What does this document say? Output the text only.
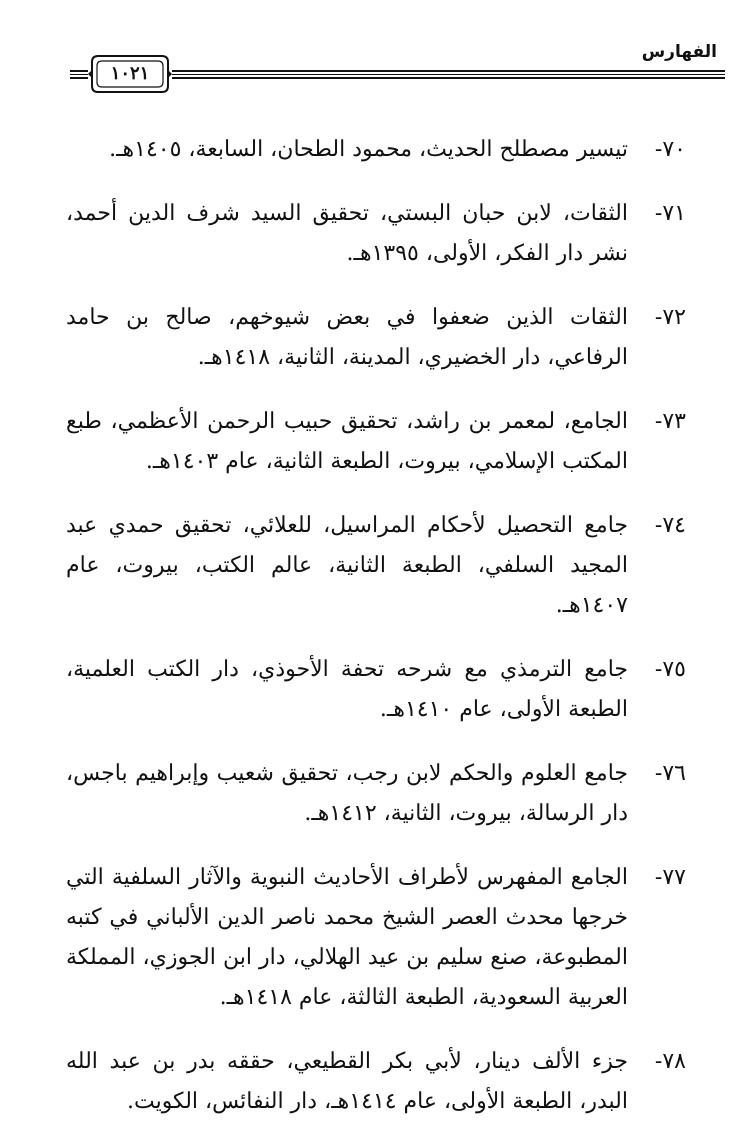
الفهارس
١٠٢١
٧٠-
تيسير مصطلح الحديث، محمود الطحان، السابعة، ١٤٠٥هـ.
٧١-
الثقات، لابن حبان البستي، تحقيق السيد شرف الدين أحمد، نشر دار الفكر، الأولى، ١٣٩٥هـ.
٧٢-
الثقات الذين ضعفوا في بعض شيوخهم، صالح بن حامد الرفاعي، دار الخضيري، المدينة، الثانية، ١٤١٨هـ.
٧٣-
الجامع، لمعمر بن راشد، تحقيق حبيب الرحمن الأعظمي، طبع المكتب الإسلامي، بيروت، الطبعة الثانية، عام ١٤٠٣هـ.
٧٤-
جامع التحصيل لأحكام المراسيل، للعلائي، تحقيق حمدي عبد المجيد السلفي، الطبعة الثانية، عالم الكتب، بيروت، عام ١٤٠٧هـ.
٧٥-
جامع الترمذي مع شرحه تحفة الأحوذي، دار الكتب العلمية، الطبعة الأولى، عام ١٤١٠هـ.
٧٦-
جامع العلوم والحكم لابن رجب، تحقيق شعيب وإبراهيم باجس، دار الرسالة، بيروت، الثانية، ١٤١٢هـ.
٧٧-
الجامع المفهرس لأطراف الأحاديث النبوية والآثار السلفية التي خرجها محدث العصر الشيخ محمد ناصر الدين الألباني في كتبه المطبوعة، صنع سليم بن عيد الهلالي، دار ابن الجوزي، المملكة العربية السعودية، الطبعة الثالثة، عام ١٤١٨هـ.
٧٨-
جزء الألف دينار، لأبي بكر القطيعي، حققه بدر بن عبد الله البدر، الطبعة الأولى، عام ١٤١٤هـ، دار النفائس، الكويت.
